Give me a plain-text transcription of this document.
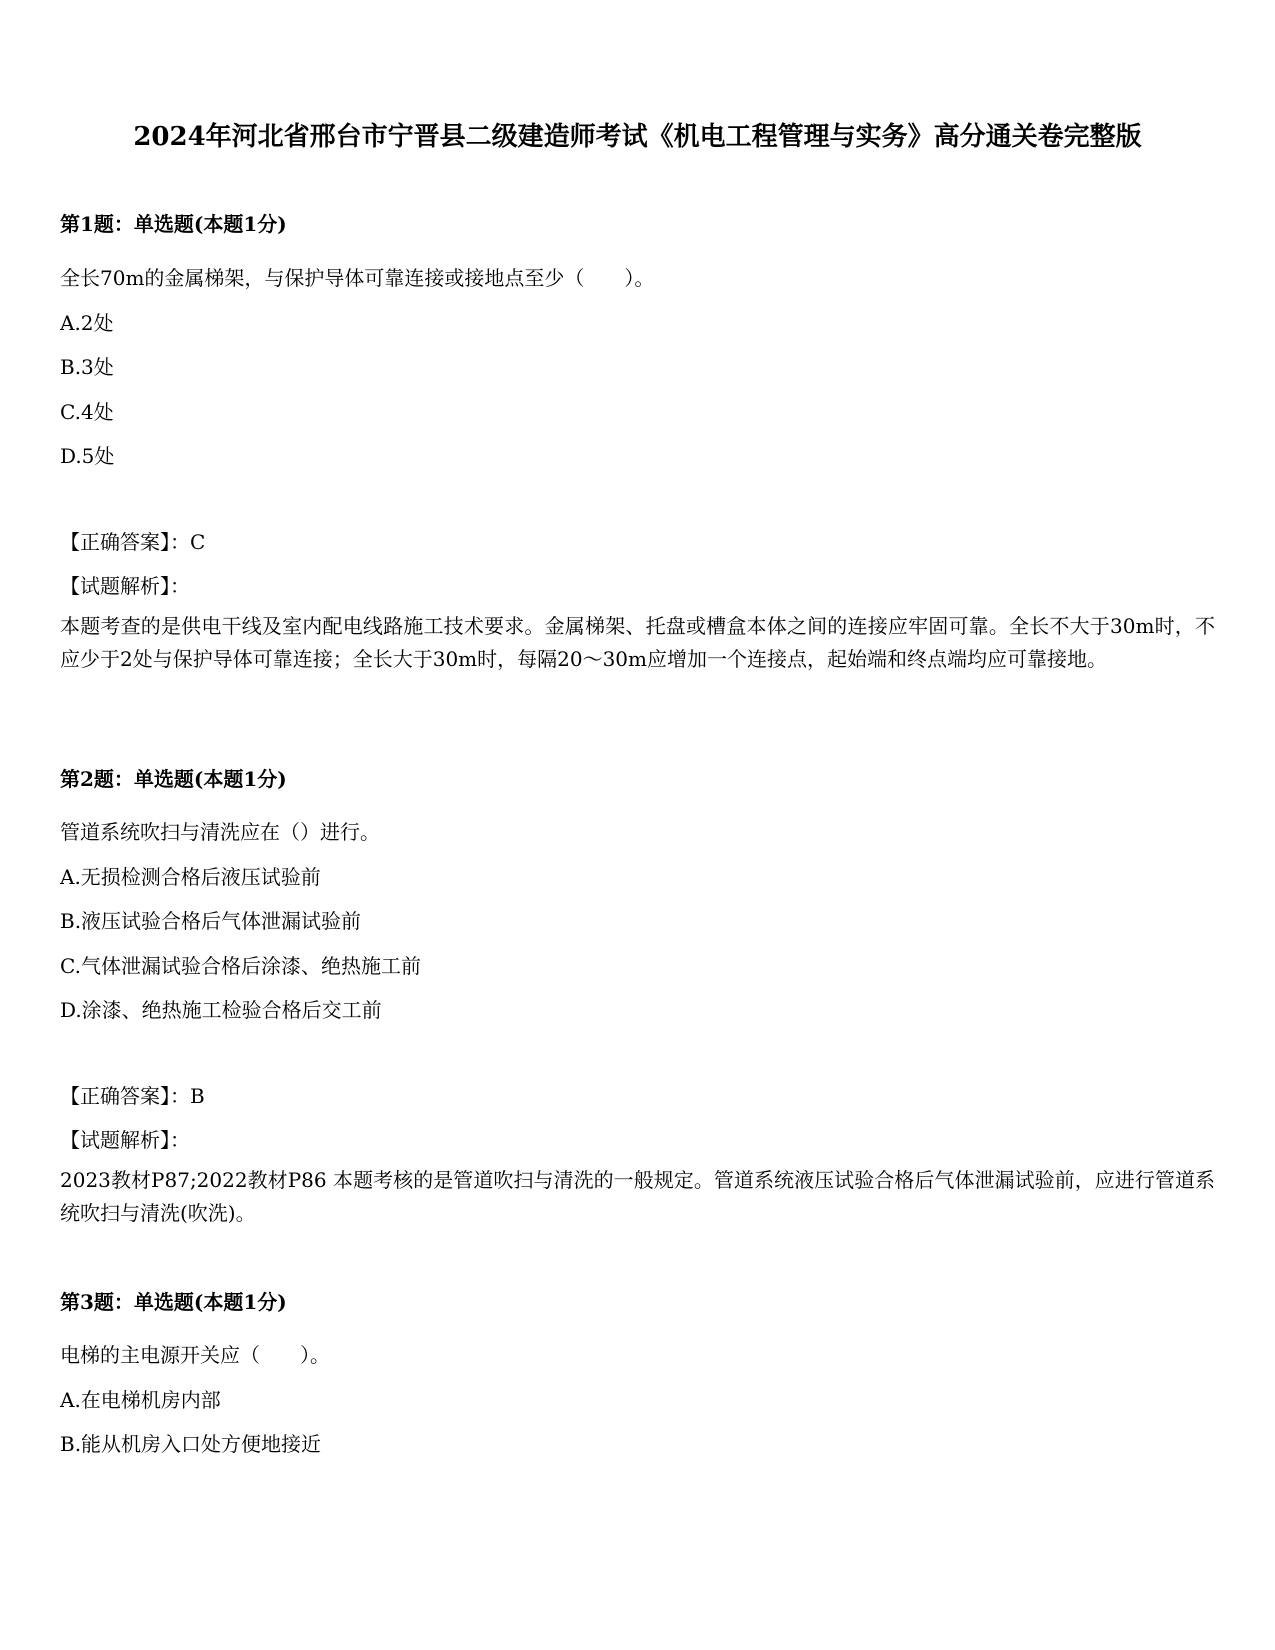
2024年河北省邢台市宁晋县二级建造师考试《机电工程管理与实务》高分通关卷完整版
第1题：单选题(本题1分)
全长70m的金属梯架，与保护导体可靠连接或接地点至少（　　）。
A.2处
B.3处
C.4处
D.5处
【正确答案】：C
【试题解析】：
本题考查的是供电干线及室内配电线路施工技术要求。金属梯架、托盘或槽盒本体之间的连接应牢固可靠。全长不大于30m时，不应少于2处与保护导体可靠连接；全长大于30m时，每隔20～30m应增加一个连接点，起始端和终点端均应可靠接地。
第2题：单选题(本题1分)
管道系统吹扫与清洗应在（）进行。
A.无损检测合格后液压试验前
B.液压试验合格后气体泄漏试验前
C.气体泄漏试验合格后涂漆、绝热施工前
D.涂漆、绝热施工检验合格后交工前
【正确答案】：B
【试题解析】：
2023教材P87;2022教材P86 本题考核的是管道吹扫与清洗的一般规定。管道系统液压试验合格后气体泄漏试验前，应进行管道系统吹扫与清洗(吹洗)。
第3题：单选题(本题1分)
电梯的主电源开关应（　　）。
A.在电梯机房内部
B.能从机房入口处方便地接近
